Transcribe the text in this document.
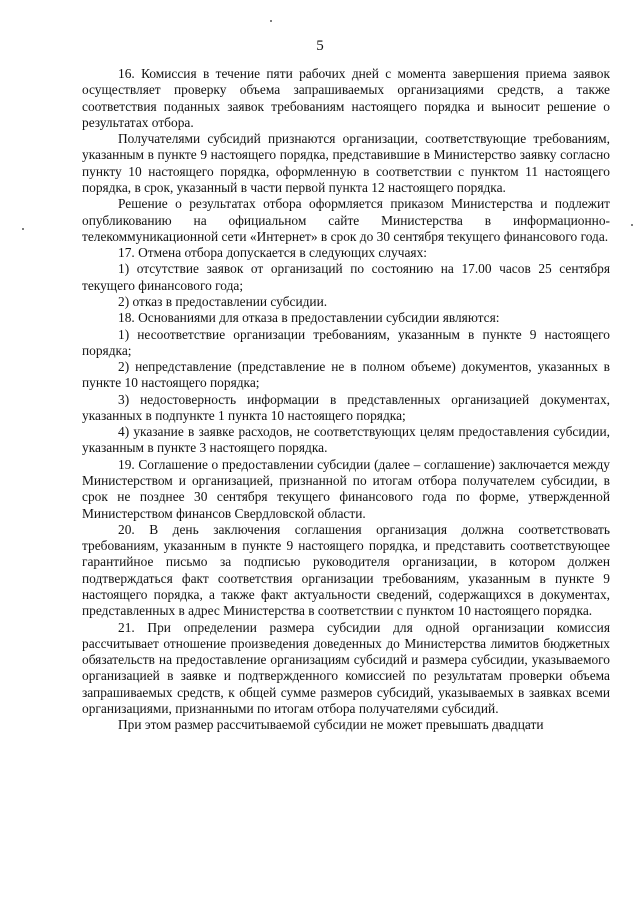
5

16. Комиссия в течение пяти рабочих дней с момента завершения приема заявок осуществляет проверку объема запрашиваемых организациями средств, а также соответствия поданных заявок требованиям настоящего порядка и выносит решение о результатах отбора.

Получателями субсидий признаются организации, соответствующие требованиям, указанным в пункте 9 настоящего порядка, представившие в Министерство заявку согласно пункту 10 настоящего порядка, оформленную в соответствии с пунктом 11 настоящего порядка, в срок, указанный в части первой пункта 12 настоящего порядка.

Решение о результатах отбора оформляется приказом Министерства и подлежит опубликованию на официальном сайте Министерства в информационно-телекоммуникационной сети «Интернет» в срок до 30 сентября текущего финансового года.

17. Отмена отбора допускается в следующих случаях:

1) отсутствие заявок от организаций по состоянию на 17.00 часов 25 сентября текущего финансового года;

2) отказ в предоставлении субсидии.

18. Основаниями для отказа в предоставлении субсидии являются:

1) несоответствие организации требованиям, указанным в пункте 9 настоящего порядка;

2) непредставление (представление не в полном объеме) документов, указанных в пункте 10 настоящего порядка;

3) недостоверность информации в представленных организацией документах, указанных в подпункте 1 пункта 10 настоящего порядка;

4) указание в заявке расходов, не соответствующих целям предоставления субсидии, указанным в пункте 3 настоящего порядка.

19. Соглашение о предоставлении субсидии (далее – соглашение) заключается между Министерством и организацией, признанной по итогам отбора получателем субсидии, в срок не позднее 30 сентября текущего финансового года по форме, утвержденной Министерством финансов Свердловской области.

20. В день заключения соглашения организация должна соответствовать требованиям, указанным в пункте 9 настоящего порядка, и представить соответствующее гарантийное письмо за подписью руководителя организации, в котором должен подтверждаться факт соответствия организации требованиям, указанным в пункте 9 настоящего порядка, а также факт актуальности сведений, содержащихся в документах, представленных в адрес Министерства в соответствии с пунктом 10 настоящего порядка.

21. При определении размера субсидии для одной организации комиссия рассчитывает отношение произведения доведенных до Министерства лимитов бюджетных обязательств на предоставление организациям субсидий и размера субсидии, указываемого организацией в заявке и подтвержденного комиссией по результатам проверки объема запрашиваемых средств, к общей сумме размеров субсидий, указываемых в заявках всеми организациями, признанными по итогам отбора получателями субсидий.

При этом размер рассчитываемой субсидии не может превышать двадцати
